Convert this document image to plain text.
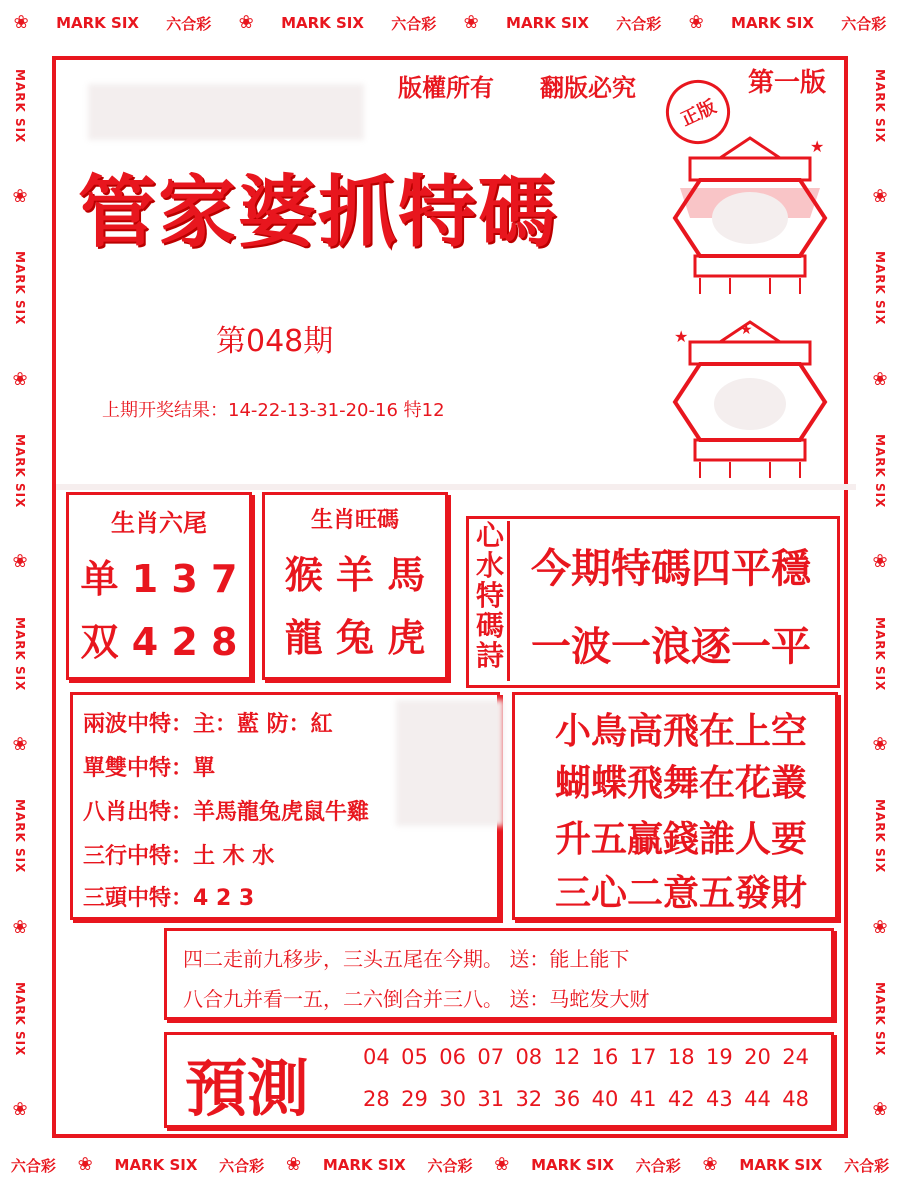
❀ MARK SIX 六合彩 ❀ MARK SIX 六合彩 ❀ MARK SIX 六合彩 ❀ MARK SIX 六合彩
六合彩 ❀ MARK SIX 六合彩 ❀ MARK SIX 六合彩 ❀ MARK SIX 六合彩 ❀ MARK SIX 六合彩
MARK SIX
❀
MARK SIX
❀
MARK SIX
❀
MARK SIX
❀
MARK SIX
❀
MARK SIX
❀
MARK SIX
❀
MARK SIX
❀
MARK SIX
❀
MARK SIX
❀
MARK SIX
❀
MARK SIX
❀
版權所有 翻版必究
正版
第一版
管家婆抓特碼
★
★	★
第048期
上期开奖结果：14-22-13-31-20-16 特12
生肖六尾
单 1 3 7
双 4 2 8
生肖旺碼
猴 羊 馬
龍 兔 虎
心
水
特
碼
詩
今期特碼四平穩
一波一浪逐一平
兩波中特：主：藍 防：紅
單雙中特：單
八肖出特：羊馬龍兔虎鼠牛雞
三行中特：土 木 水
三頭中特：4 2 3
小鳥高飛在上空
蝴蝶飛舞在花叢
升五贏錢誰人要
三心二意五發財
四二走前九移步，三头五尾在今期。 送：能上能下
八合九并看一五，二六倒合并三八。 送：马蛇发大财
預測	04 05 06 07 08 12 16 17 18 19 20 24
28 29 30 31 32 36 40 41 42 43 44 48
